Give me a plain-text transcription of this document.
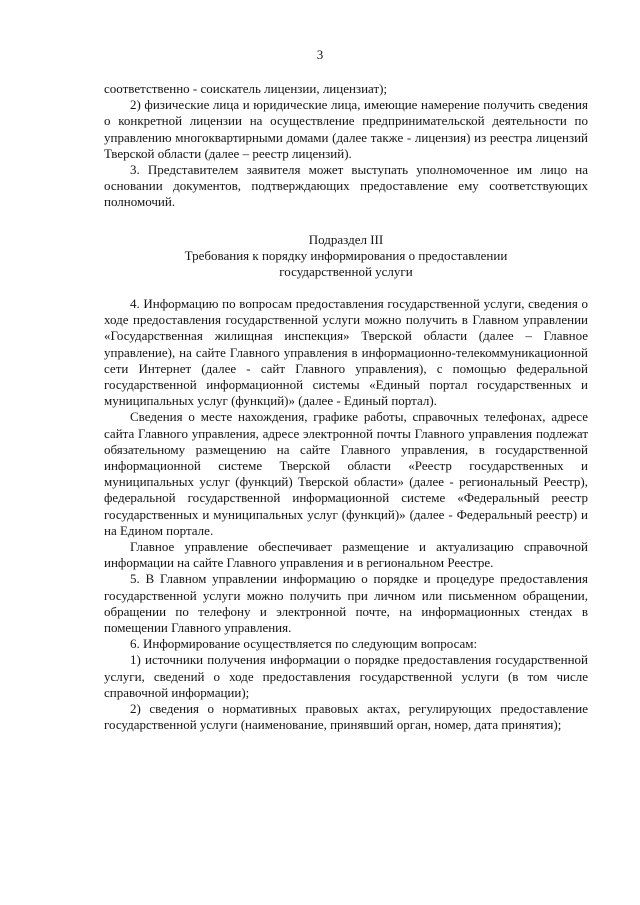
3

соответственно - соискатель лицензии, лицензиат);

2) физические лица и юридические лица, имеющие намерение получить сведения о конкретной лицензии на осуществление предпринимательской деятельности по управлению многоквартирными домами (далее также - лицензия) из реестра лицензий Тверской области (далее – реестр лицензий).

3. Представителем заявителя может выступать уполномоченное им лицо на основании документов, подтверждающих предоставление ему соответствующих полномочий.

Подраздел III
Требования к порядку информирования о предоставлении
государственной услуги

4. Информацию по вопросам предоставления государственной услуги, сведения о ходе предоставления государственной услуги можно получить в Главном управлении «Государственная жилищная инспекция» Тверской области (далее – Главное управление), на сайте Главного управления в информационно-телекоммуникационной сети Интернет (далее - сайт Главного управления), с помощью федеральной государственной информационной системы «Единый портал государственных и муниципальных услуг (функций)» (далее - Единый портал).

Сведения о месте нахождения, графике работы, справочных телефонах, адресе сайта Главного управления, адресе электронной почты Главного управления подлежат обязательному размещению на сайте Главного управления, в государственной информационной системе Тверской области «Реестр государственных и муниципальных услуг (функций) Тверской области» (далее - региональный Реестр), федеральной государственной информационной системе «Федеральный реестр государственных и муниципальных услуг (функций)» (далее - Федеральный реестр) и на Едином портале.

Главное управление обеспечивает размещение и актуализацию справочной информации на сайте Главного управления и в региональном Реестре.

5. В Главном управлении информацию о порядке и процедуре предоставления государственной услуги можно получить при личном или письменном обращении, обращении по телефону и электронной почте, на информационных стендах в помещении Главного управления.

6. Информирование осуществляется по следующим вопросам:

1) источники получения информации о порядке предоставления государственной услуги, сведений о ходе предоставления государственной услуги (в том числе справочной информации);

2) сведения о нормативных правовых актах, регулирующих предоставление государственной услуги (наименование, принявший орган, номер, дата принятия);
